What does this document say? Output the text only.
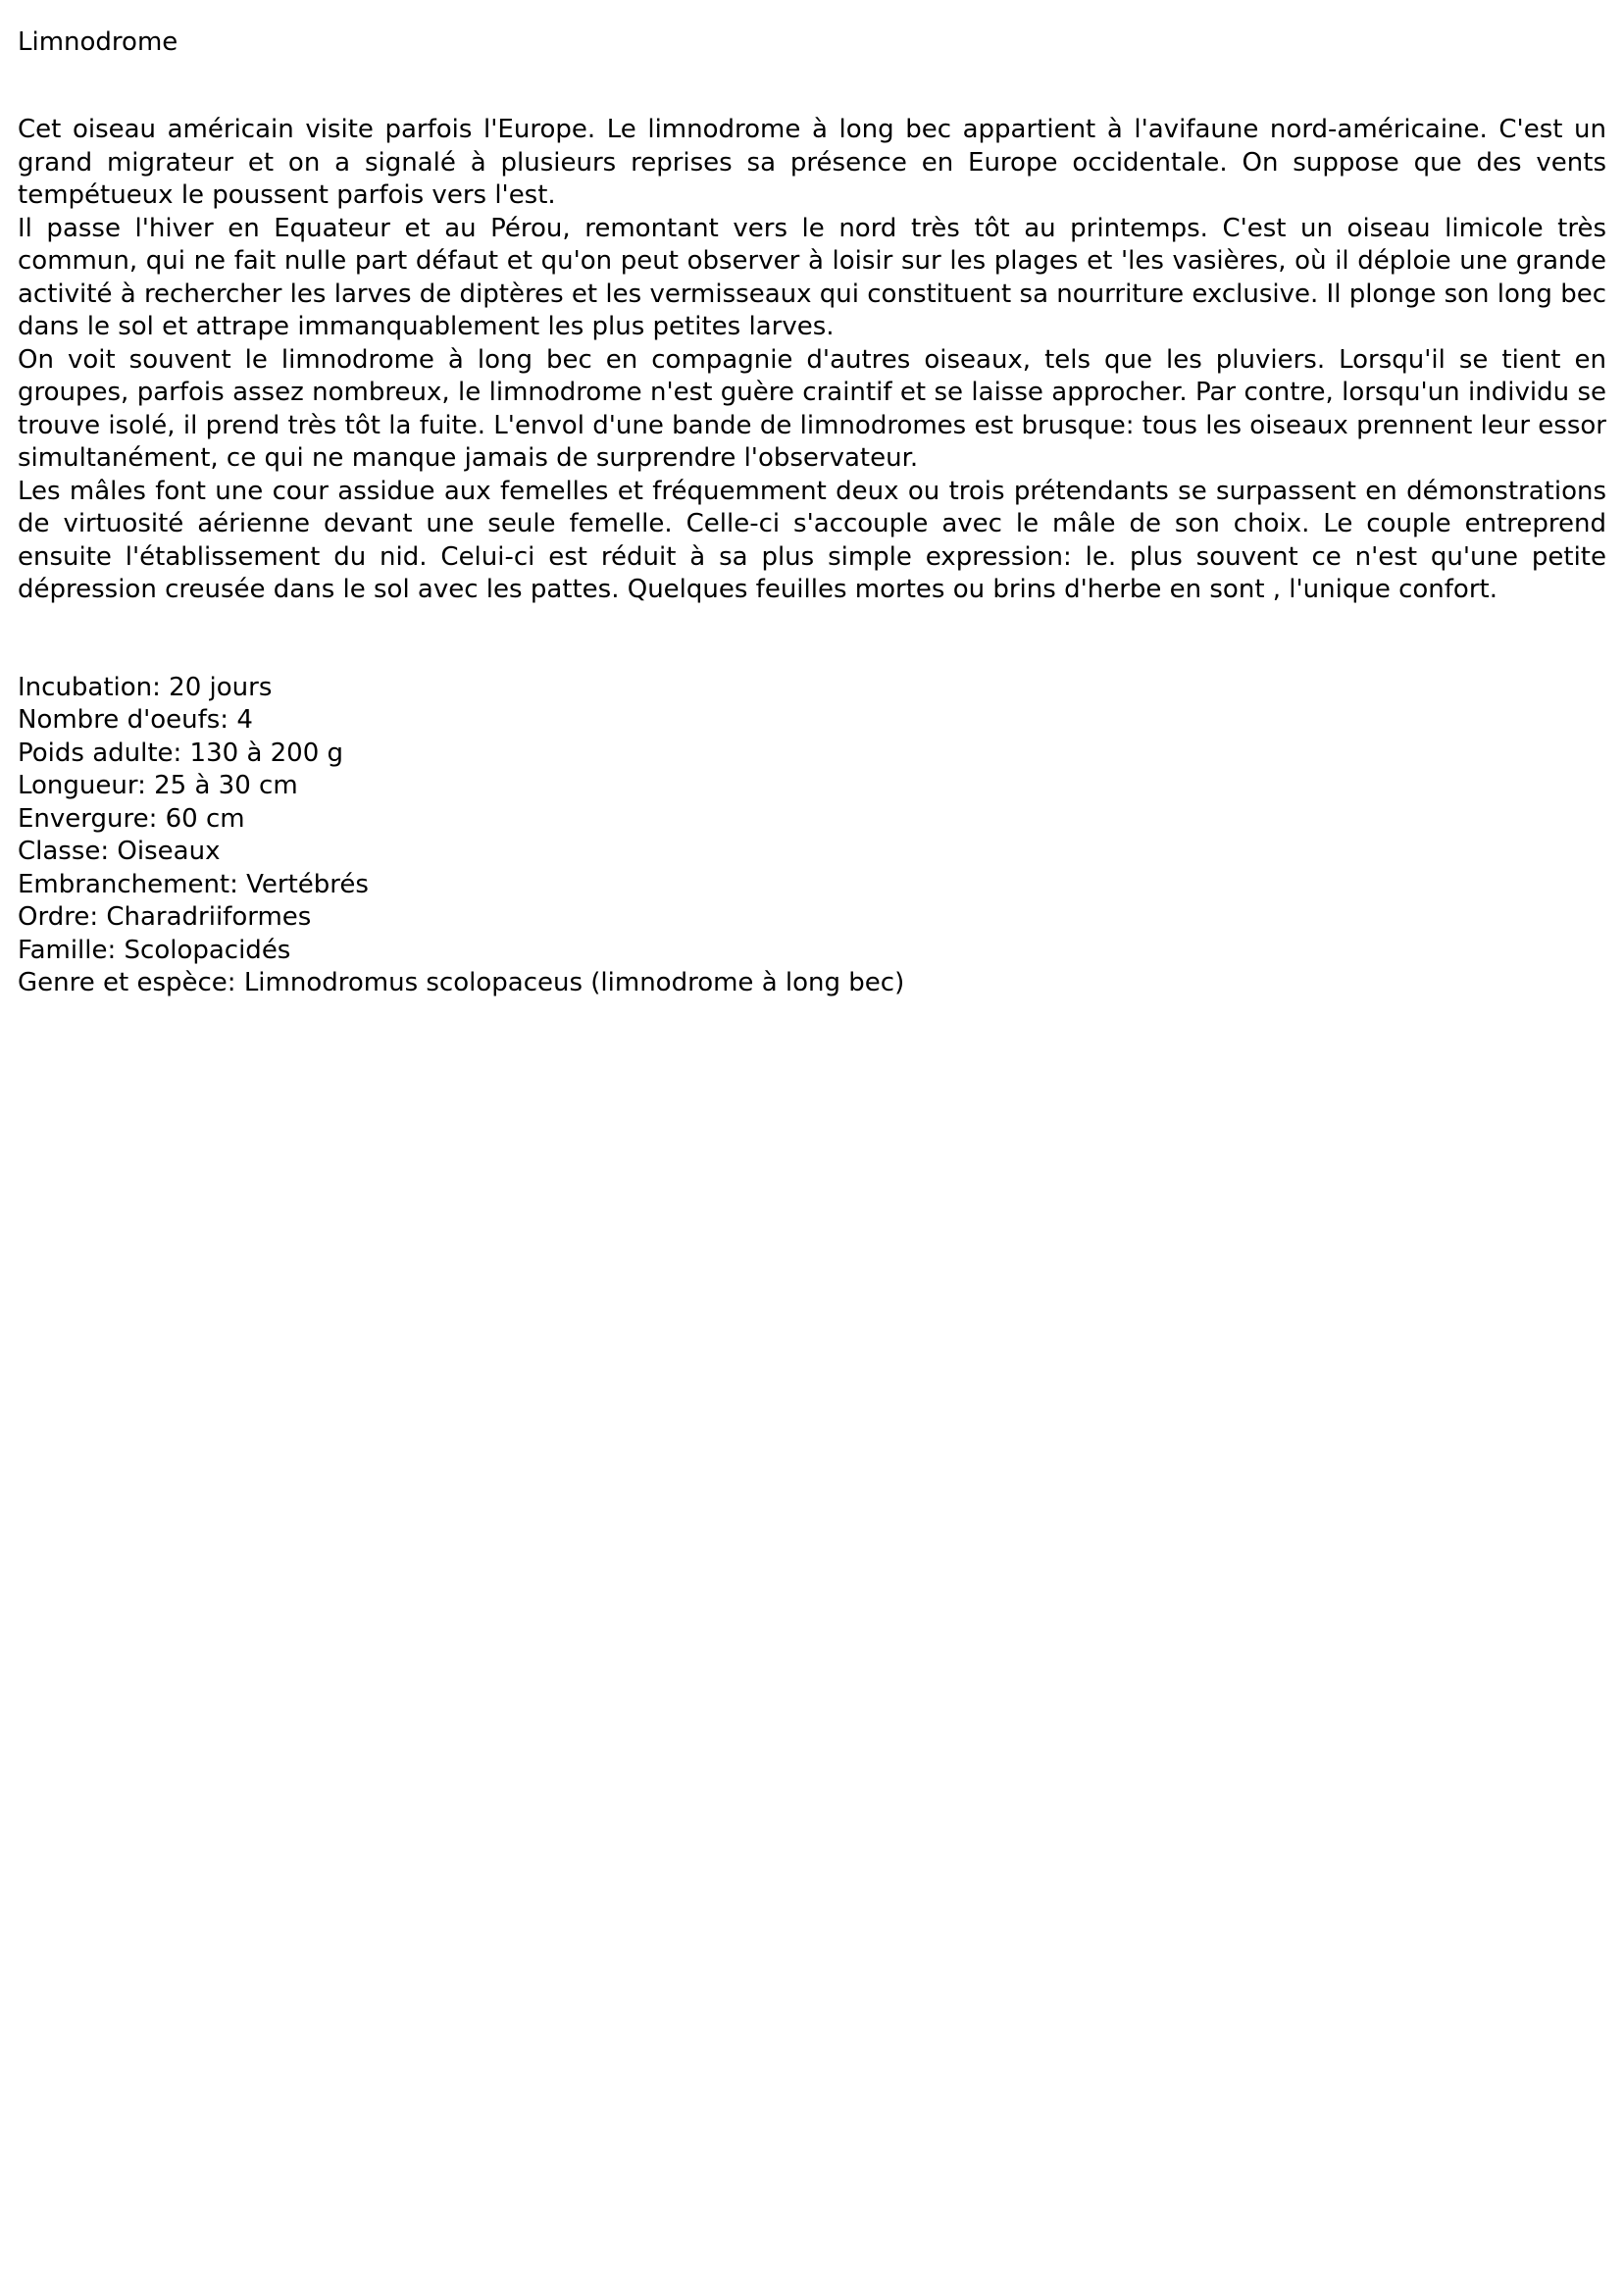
Limnodrome

Cet oiseau américain visite parfois l'Europe. Le limnodrome à long bec appartient à l'avifaune nord-américaine. C'est un grand migrateur et on a signalé à plusieurs reprises sa présence en Europe occidentale. On suppose que des vents tempétueux le poussent parfois vers l'est.

Il passe l'hiver en Equateur et au Pérou, remontant vers le nord très tôt au printemps. C'est un oiseau limicole très commun, qui ne fait nulle part défaut et qu'on peut observer à loisir sur les plages et 'les vasières, où il déploie une grande activité à rechercher les larves de diptères et les vermisseaux qui constituent sa nourriture exclusive. Il plonge son long bec dans le sol et attrape immanquablement les plus petites larves.

On voit souvent le limnodrome à long bec en compagnie d'autres oiseaux, tels que les pluviers. Lorsqu'il se tient en groupes, parfois assez nombreux, le limnodrome n'est guère craintif et se laisse approcher. Par contre, lorsqu'un individu se trouve isolé, il prend très tôt la fuite. L'envol d'une bande de limnodromes est brusque: tous les oiseaux prennent leur essor simultanément, ce qui ne manque jamais de surprendre l'observateur.

Les mâles font une cour assidue aux femelles et fréquemment deux ou trois prétendants se surpassent en démonstrations de virtuosité aérienne devant une seule femelle. Celle-ci s'accouple avec le mâle de son choix. Le couple entreprend ensuite l'établissement du nid. Celui-ci est réduit à sa plus simple expression: le. plus souvent ce n'est qu'une petite dépression creusée dans le sol avec les pattes. Quelques feuilles mortes ou brins d'herbe en sont , l'unique confort.

Incubation: 20 jours

Nombre d'oeufs: 4

Poids adulte: 130 à 200 g

Longueur: 25 à 30 cm

Envergure: 60 cm

Classe: Oiseaux

Embranchement: Vertébrés

Ordre: Charadriiformes

Famille: Scolopacidés

Genre et espèce: Limnodromus scolopaceus (limnodrome à long bec)
